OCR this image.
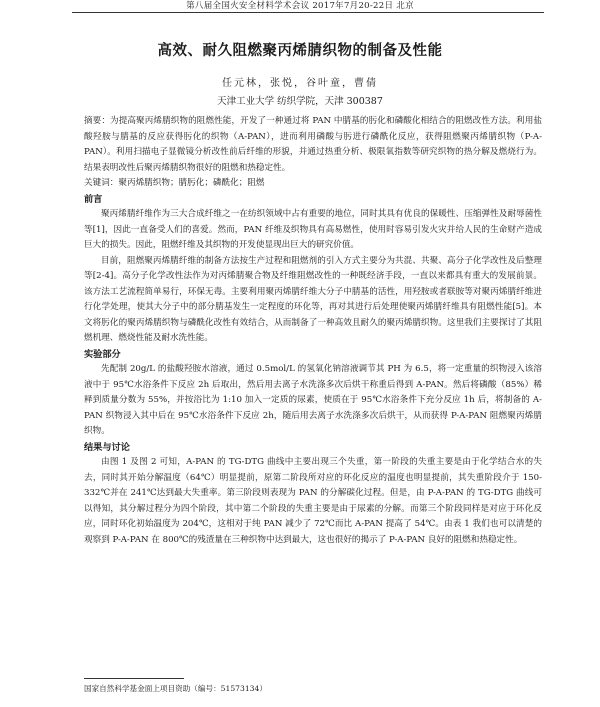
第八届全国火安全材料学术会议 2017年7月20-22日 北京
高效、耐久阻燃聚丙烯腈织物的制备及性能
任元林，张悦，谷叶童，曹倩
天津工业大学 纺织学院，天津 300387

摘要：为提高聚丙烯腈织物的阻燃性能，开发了一种通过将 PAN 中腈基的肟化和磷酸化相结合的阻燃改性方法。利用盐酸羟胺与腈基的反应获得肟化的织物（A-PAN），进而利用磷酸与肟进行磷酰化反应，获得阻燃聚丙烯腈织物（P-A-PAN）。利用扫描电子显微镜分析改性前后纤维的形貌，并通过热重分析、极限氧指数等研究织物的热分解及燃烧行为。结果表明改性后聚丙烯腈织物很好的阻燃和热稳定性。

关键词：聚丙烯腈织物；腈肟化；磷酰化；阻燃

前言

聚丙烯腈纤维作为三大合成纤维之一在纺织领域中占有重要的地位，同时其具有优良的保暖性、压缩弹性及耐辱菌性等[1]，因此一直备受人们的喜爱。然而，PAN 纤维及织物具有高易燃性，使用时容易引发火灾并给人民的生命财产造成巨大的损失。因此，阻燃纤维及其织物的开发使显现出巨大的研究价值。

目前，阻燃聚丙烯腈纤维的制备方法按生产过程和阻燃剂的引入方式主要分为共混、共聚、高分子化学改性及后整理等[2-4]。高分子化学改性法作为对丙烯腈聚合物及纤维阻燃改性的一种既经济手段，一直以来都具有重大的发展前景。该方法工艺流程简单易行，环保无毒。主要利用聚丙烯腈纤维大分子中腈基的活性，用羟胺或者联胺等对聚丙烯腈纤维进行化学处理，使其大分子中的部分腈基发生一定程度的环化等，再对其进行后处理使聚丙烯腈纤维具有阻燃性能[5]。本文将肟化的聚丙烯腈织物与磷酰化改性有效结合，从而制备了一种高效且耐久的聚丙烯腈织物。这里我们主要探讨了其阻燃机理、燃烧性能及耐水洗性能。

实验部分

先配制 20g/L 的盐酸羟胺水溶液，通过 0.5mol/L 的氢氧化钠溶液调节其 PH 为 6.5，将一定重量的织物浸入该溶液中于 95℃水浴条件下反应 2h 后取出，然后用去离子水洗涤多次后烘干称重后得到 A-PAN。然后将磷酸（85%）稀释到质量分数为 55%，并按浴比为 1:10 加入一定质的尿素，使质在于 95℃水浴条件下充分反应 1h 后，将制备的 A-PAN 织物浸入其中后在 95℃水浴条件下反应 2h，随后用去离子水洗涤多次后烘干，从而获得 P-A-PAN 阻燃聚丙烯腈织物。

结果与讨论

由图 1 及图 2 可知，A-PAN 的 TG-DTG 曲线中主要出现三个失重，第一阶段的失重主要是由于化学结合水的失去，同时其开始分解温度（64℃）明显提前，原第二阶段所对应的环化反应的温度也明显提前，其失重阶段介于 150-332℃并在 241℃达到最大失重率。第三阶段则表现为 PAN 的分解碳化过程。但是，由 P-A-PAN 的 TG-DTG 曲线可以得知，其分解过程分为四个阶段，其中第二个阶段的失重主要是由于尿素的分解。而第三个阶段同样是对应于环化反应，同时环化初始温度为 204℃，这相对于纯 PAN 减少了 72℃而比 A-PAN 提高了 54℃。由表 1 我们也可以清楚的观察到 P-A-PAN 在 800℃的残渣量在三种织物中达到最大，这也很好的揭示了 P-A-PAN 良好的阻燃和热稳定性。

国家自然科学基金面上项目资助（编号：51573134）
